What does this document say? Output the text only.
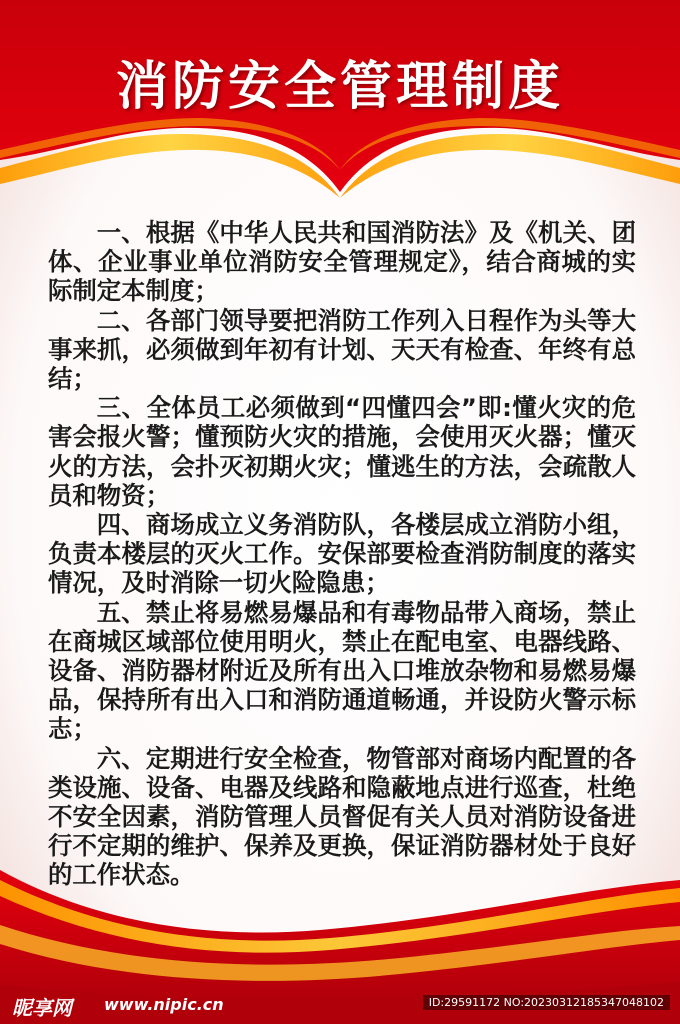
消防安全管理制度

一、根据《中华人民共和国消防法》及《机关、团体、企业事业单位消防安全管理规定》，结合商城的实际制定本制度；

二、各部门领导要把消防工作列入日程作为头等大事来抓，必须做到年初有计划、天天有检查、年终有总结；

三、全体员工必须做到“四懂四会”即:懂火灾的危害会报火警；懂预防火灾的措施，会使用灭火器；懂灭火的方法，会扑灭初期火灾；懂逃生的方法，会疏散人员和物资；

四、商场成立义务消防队，各楼层成立消防小组，负责本楼层的灭火工作。安保部要检查消防制度的落实情况，及时消除一切火险隐患；

五、禁止将易燃易爆品和有毒物品带入商场，禁止在商城区域部位使用明火，禁止在配电室、电器线路、设备、消防器材附近及所有出入口堆放杂物和易燃易爆品，保持所有出入口和消防通道畅通，并设防火警示标志；

六、定期进行安全检查，物管部对商场内配置的各类设施、设备、电器及线路和隐蔽地点进行巡查，杜绝不安全因素，消防管理人员督促有关人员对消防设备进行不定期的维护、保养及更换，保证消防器材处于良好的工作状态。

昵享网 www.nipic.cn	ID:29591172 NO:20230312185347048102
